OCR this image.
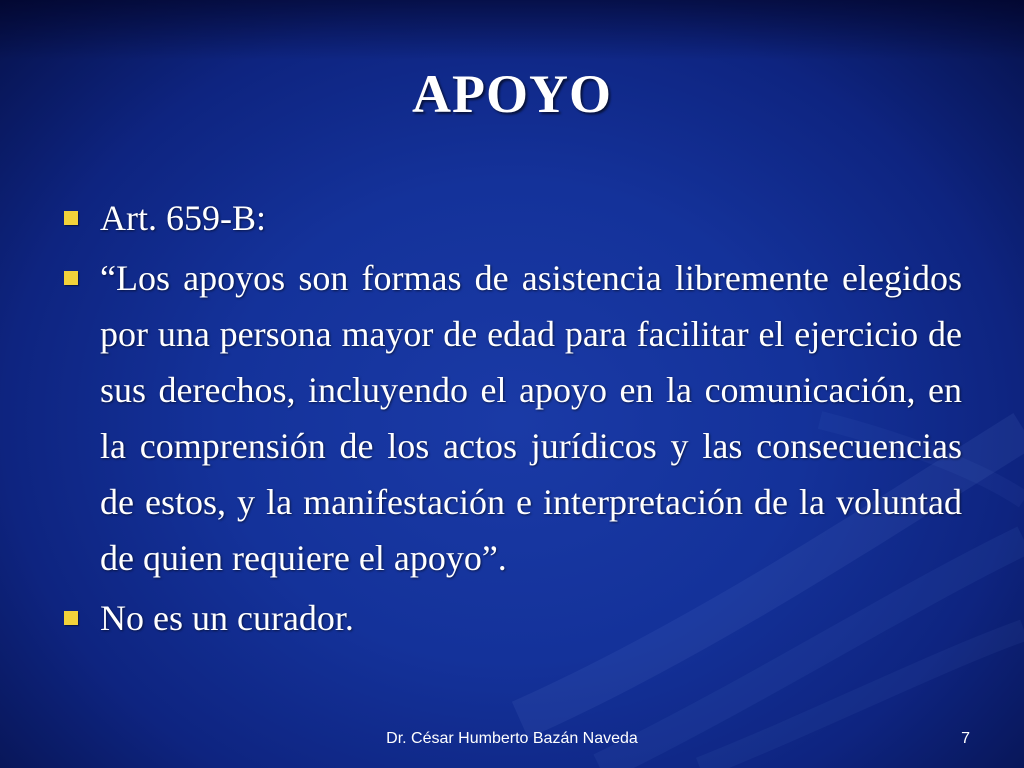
APOYO
Art. 659-B:
“Los apoyos son formas de asistencia libremente elegidos por una persona mayor de edad para facilitar el ejercicio de sus derechos, incluyendo el apoyo en la comunicación, en la comprensión de los actos jurídicos y las consecuencias de estos, y la manifestación e interpretación de la voluntad de quien requiere el apoyo”.
No es un curador.
Dr. César Humberto Bazán Naveda	7
